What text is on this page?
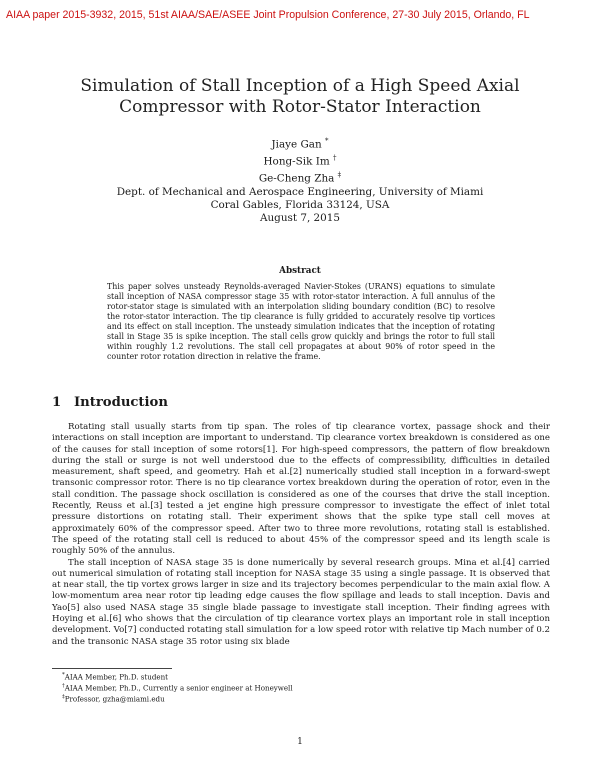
AIAA paper 2015-3932, 2015, 51st AIAA/SAE/ASEE Joint Propulsion Conference, 27-30 July 2015, Orlando, FL
Simulation of Stall Inception of a High Speed Axial
Compressor with Rotor-Stator Interaction
Jiaye Gan *
Hong-Sik Im †
Ge-Cheng Zha ‡
Dept. of Mechanical and Aerospace Engineering, University of Miami
Coral Gables, Florida 33124, USA
August 7, 2015
Abstract
This paper solves unsteady Reynolds-averaged Navier-Stokes (URANS) equations to simulate stall inception of NASA compressor stage 35 with rotor-stator interaction. A full annulus of the rotor-stator stage is simulated with an interpolation sliding boundary condition (BC) to resolve the rotor-stator interaction. The tip clearance is fully gridded to accurately resolve tip vortices and its effect on stall inception. The unsteady simulation indicates that the inception of rotating stall in Stage 35 is spike inception. The stall cells grow quickly and brings the rotor to full stall within roughly 1.2 revolutions. The stall cell propagates at about 90% of rotor speed in the counter rotor rotation direction in relative the frame.
1 Introduction

Rotating stall usually starts from tip span. The roles of tip clearance vortex, passage shock and their interactions on stall inception are important to understand. Tip clearance vortex breakdown is considered as one of the causes for stall inception of some rotors[1]. For high-speed compressors, the pattern of flow breakdown during the stall or surge is not well understood due to the effects of compressibility, difficulties in detailed measurement, shaft speed, and geometry. Hah et al.[2] numerically studied stall inception in a forward-swept transonic compressor rotor. There is no tip clearance vortex breakdown during the operation of rotor, even in the stall condition. The passage shock oscillation is considered as one of the courses that drive the stall inception. Recently, Reuss et al.[3] tested a jet engine high pressure compressor to investigate the effect of inlet total pressure distortions on rotating stall. Their experiment shows that the spike type stall cell moves at approximately 60% of the compressor speed. After two to three more revolutions, rotating stall is established. The speed of the rotating stall cell is reduced to about 45% of the compressor speed and its length scale is roughly 50% of the annulus.

The stall inception of NASA stage 35 is done numerically by several research groups. Mina et al.[4] carried out numerical simulation of rotating stall inception for NASA stage 35 using a single passage. It is observed that at near stall, the tip vortex grows larger in size and its trajectory becomes perpendicular to the main axial flow. A low-momentum area near rotor tip leading edge causes the flow spillage and leads to stall inception. Davis and Yao[5] also used NASA stage 35 single blade passage to investigate stall inception. Their finding agrees with Hoying et al.[6] who shows that the circulation of tip clearance vortex plays an important role in stall inception development. Vo[7] conducted rotating stall simulation for a low speed rotor with relative tip Mach number of 0.2 and the transonic NASA stage 35 rotor using six blade

*AIAA Member, Ph.D. student
†AIAA Member, Ph.D., Currently a senior engineer at Honeywell
‡Professor, gzha@miami.edu
1
